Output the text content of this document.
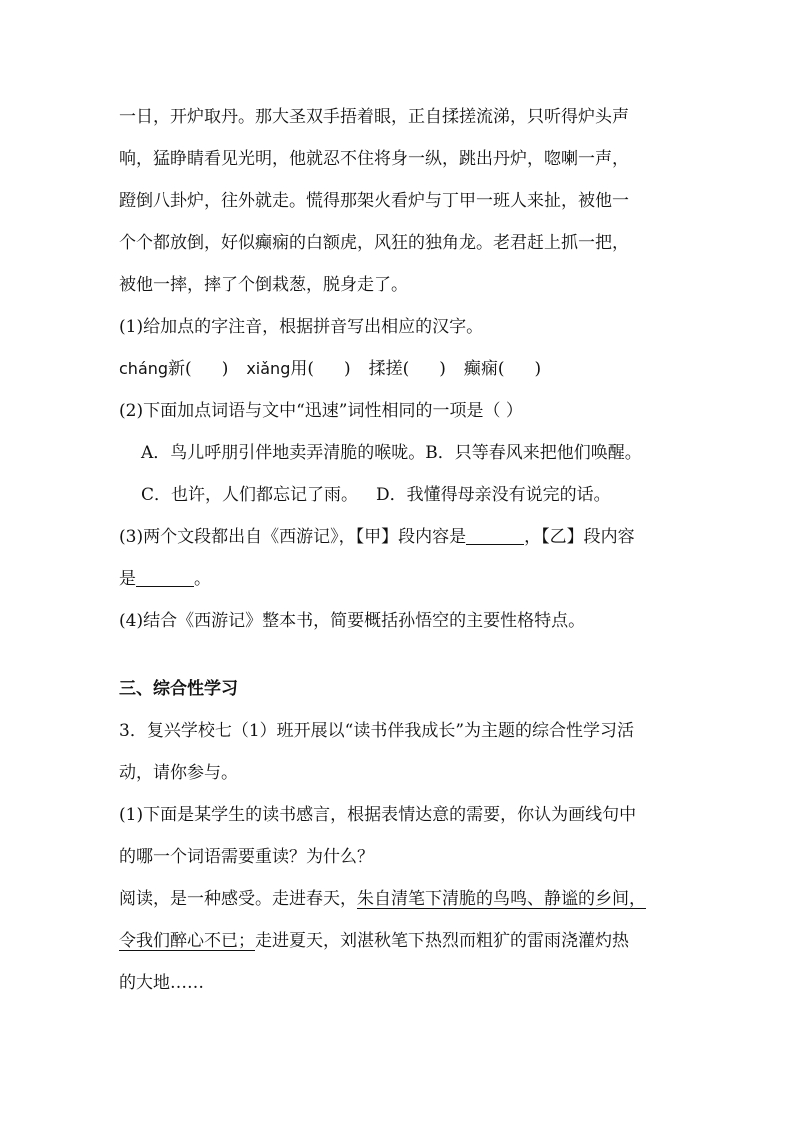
一日，开炉取丹。那大圣双手捂着眼，正自揉搓流涕，只听得炉头声
响，猛睁睛看见光明，他就忍不住将身一纵，跳出丹炉，唿喇一声，
蹬倒八卦炉，往外就走。慌得那架火看炉与丁甲一班人来扯，被他一
个个都放倒，好似癫痫的白额虎，风狂的独角龙。老君赶上抓一把，
被他一摔，摔了个倒栽葱，脱身走了。
(1)给加点的字注音，根据拼音写出相应的汉字。
cháng新( ) xiǎng用( ) 揉搓( ) 癫痫( )
(2)下面加点词语与文中“迅速”词性相同的一项是（ ）
A．鸟儿呼朋引伴地卖弄清脆的喉咙。B．只等春风来把他们唤醒。
C．也许，人们都忘记了雨。 D．我懂得母亲没有说完的话。
(3)两个文段都出自《西游记》，【甲】段内容是	，【乙】段内容
是	。
(4)结合《西游记》整本书，简要概括孙悟空的主要性格特点。
三、综合性学习
3．复兴学校七（1）班开展以“读书伴我成长”为主题的综合性学习活
动，请你参与。
(1)下面是某学生的读书感言，根据表情达意的需要，你认为画线句中
的哪一个词语需要重读？为什么？
阅读，是一种感受。走进春天，朱自清笔下清脆的鸟鸣、静谧的乡间，
令我们醉心不已；走进夏天，刘湛秋笔下热烈而粗犷的雷雨浇灌灼热
的大地……
